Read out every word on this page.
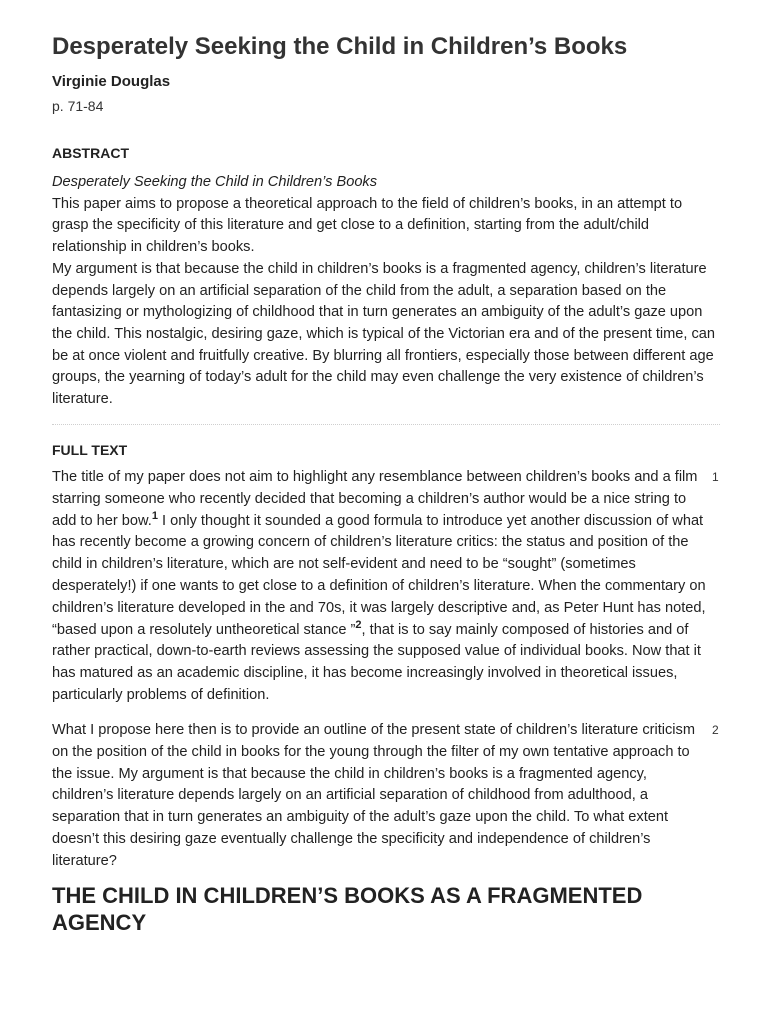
Desperately Seeking the Child in Children’s Books
Virginie Douglas
p. 71-84
ABSTRACT

Desperately Seeking the Child in Children’s Books

This paper aims to propose a theoretical approach to the field of children’s books, in an attempt to grasp the specificity of this literature and get close to a definition, starting from the adult/child relationship in children’s books.

My argument is that because the child in children’s books is a fragmented agency, children’s literature depends largely on an artificial separation of the child from the adult, a separation based on the fantasizing or mythologizing of childhood that in turn generates an ambiguity of the adult’s gaze upon the child. This nostalgic, desiring gaze, which is typical of the Victorian era and of the present time, can be at once violent and fruitfully creative. By blurring all frontiers, especially those between different age groups, the yearning of today’s adult for the child may even challenge the very existence of children’s literature.

FULL TEXT

The title of my paper does not aim to highlight any resemblance between children’s books and a film starring someone who recently decided that becoming a children’s author would be a nice string to add to her bow.$^1$ I only thought it sounded a good formula to introduce yet another discussion of what has recently become a growing concern of children’s literature critics: the status and position of the child in children’s literature, which are not self-evident and need to be “sought” (sometimes desperately!) if one wants to get close to a definition of children’s literature. When the commentary on children’s literature developed in the and 70s, it was largely descriptive and, as Peter Hunt has noted, “based upon a resolutely untheoretical stance ”$^2$, that is to say mainly composed of histories and of rather practical, down-to-earth reviews assessing the supposed value of individual books. Now that it has matured as an academic discipline, it has become increasingly involved in theoretical issues, particularly problems of definition.

1

What I propose here then is to provide an outline of the present state of children’s literature criticism on the position of the child in books for the young through the filter of my own tentative approach to the issue. My argument is that because the child in children’s books is a fragmented agency, children’s literature depends largely on an artificial separation of childhood from adulthood, a separation that in turn generates an ambiguity of the adult’s gaze upon the child. To what extent doesn’t this desiring gaze eventually challenge the specificity and independence of children’s literature?

2
THE CHILD IN CHILDREN’S BOOKS AS A FRAGMENTED AGENCY
